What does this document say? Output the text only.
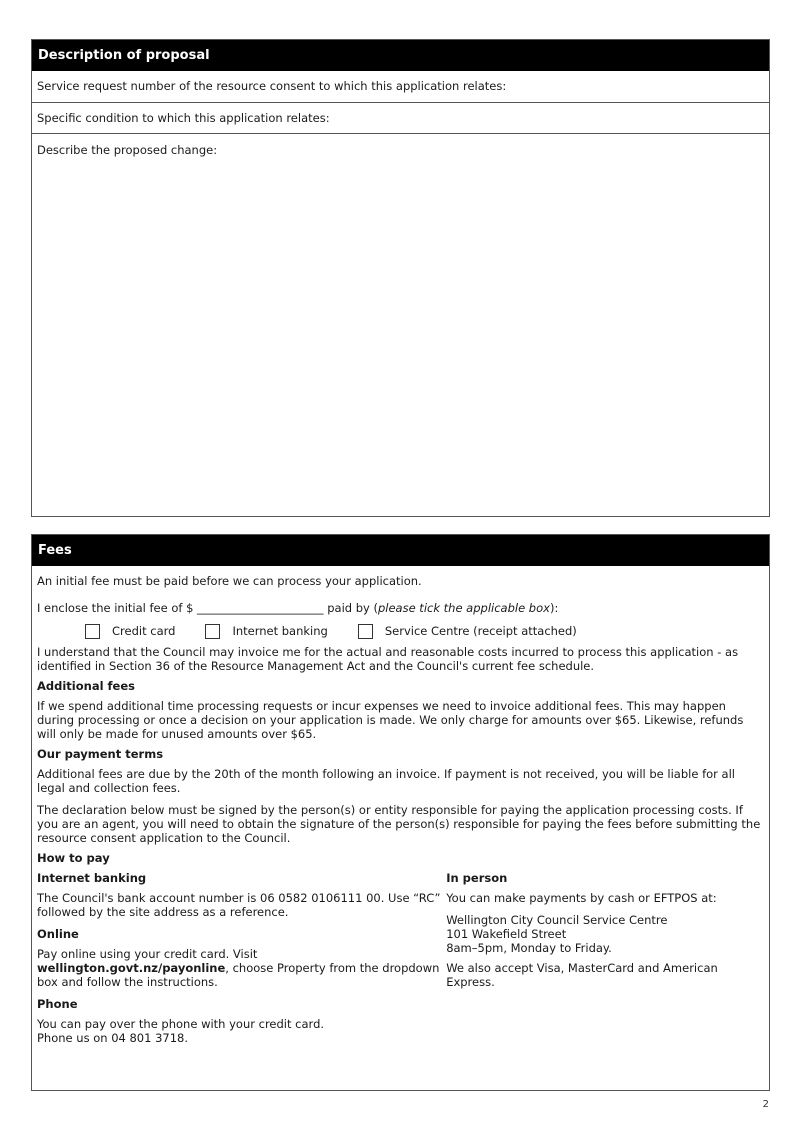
Description of proposal
Service request number of the resource consent to which this application relates:
Specific condition to which this application relates:
Describe the proposed change:
Fees

An initial fee must be paid before we can process your application.

I enclose the initial fee of $ ______________________ paid by (please tick the applicable box):

Credit card	Internet banking	Service Centre (receipt attached)

I understand that the Council may invoice me for the actual and reasonable costs incurred to process this application - as identified in Section 36 of the Resource Management Act and the Council's current fee schedule.

Additional fees

If we spend additional time processing requests or incur expenses we need to invoice additional fees. This may happen during processing or once a decision on your application is made. We only charge for amounts over $65. Likewise, refunds will only be made for unused amounts over $65.

Our payment terms

Additional fees are due by the 20th of the month following an invoice. If payment is not received, you will be liable for all legal and collection fees.

The declaration below must be signed by the person(s) or entity responsible for paying the application processing costs. If you are an agent, you will need to obtain the signature of the person(s) responsible for paying the fees before submitting the resource consent application to the Council.

How to pay

Internet banking

The Council's bank account number is 06 0582 0106111 00. Use “RC” followed by the site address as a reference.

Online

Pay online using your credit card. Visit wellington.govt.nz/payonline, choose Property from the dropdown box and follow the instructions.

Phone

You can pay over the phone with your credit card.
Phone us on 04 801 3718.

In person

You can make payments by cash or EFTPOS at:

Wellington City Council Service Centre
101 Wakefield Street
8am–5pm, Monday to Friday.

We also accept Visa, MasterCard and American Express.

2
